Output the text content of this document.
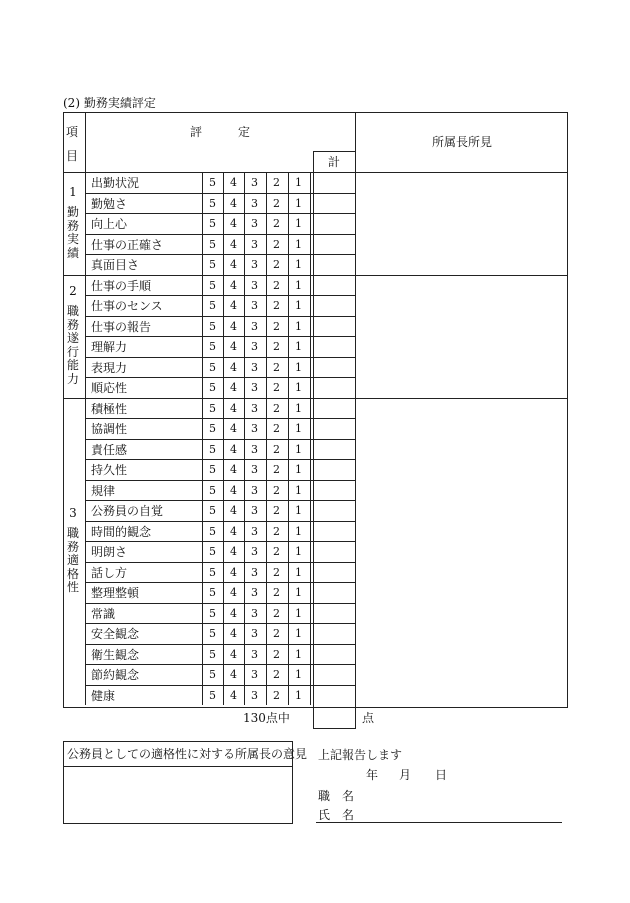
(2) 勤務実績評定
項
目
評　　　定
計
所属長所見
1
勤務実績
出勤状況	5	4	3	2	1
勤勉さ	5	4	3	2	1
向上心	5	4	3	2	1
仕事の正確さ	5	4	3	2	1
真面目さ	5	4	3	2	1
2
職務遂行能力
仕事の手順	5	4	3	2	1
仕事のセンス	5	4	3	2	1
仕事の報告	5	4	3	2	1
理解力	5	4	3	2	1
表現力	5	4	3	2	1
順応性	5	4	3	2	1
3
職務適格性
積極性	5	4	3	2	1
協調性	5	4	3	2	1
責任感	5	4	3	2	1
持久性	5	4	3	2	1
規律	5	4	3	2	1
公務員の自覚	5	4	3	2	1
時間的観念	5	4	3	2	1
明朗さ	5	4	3	2	1
話し方	5	4	3	2	1
整理整頓	5	4	3	2	1
常識	5	4	3	2	1
安全観念	5	4	3	2	1
衛生観念	5	4	3	2	1
節約観念	5	4	3	2	1
健康	5	4	3	2	1
130点中	点
公務員としての適格性に対する所属長の意見 上記報告します
年 月 日
職　名
氏　名
